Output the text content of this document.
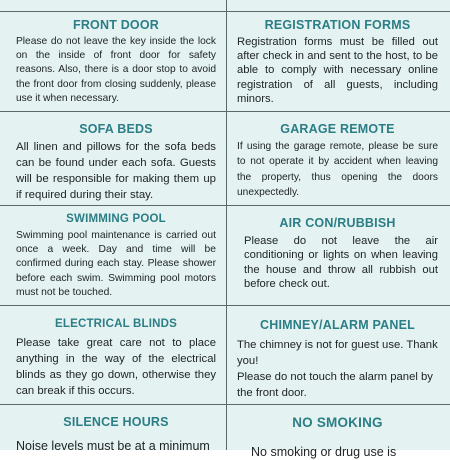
FRONT DOOR
Please do not leave the key inside the lock on the inside of front door for safety reasons. Also, there is a door stop to avoid the front door from closing suddenly, please use it when necessary.
REGISTRATION FORMS
Registration forms must be filled out after check in and sent to the host, to be able to comply with necessary online registration of all guests, including minors.
SOFA BEDS
All linen and pillows for the sofa beds can be found under each sofa. Guests will be responsible for making them up if required during their stay.
GARAGE REMOTE
If using the garage remote, please be sure to not operate it by accident when leaving the property, thus opening the doors unexpectedly.
SWIMMING POOL
Swimming pool maintenance is carried out once a week. Day and time will be confirmed during each stay. Please shower before each swim. Swimming pool motors must not be touched.
AIR CON/RUBBISH
Please do not leave the air conditioning or lights on when leaving the house and throw all rubbish out before check out.
ELECTRICAL BLINDS
Please take great care not to place anything in the way of the electrical blinds as they go down, otherwise they can break if this occurs.
CHIMNEY/ALARM PANEL

The chimney is not for guest use. Thank you!

Please do not touch the alarm panel by the front door.

SILENCE HOURS
Noise levels must be at a minimum
NO SMOKING
No smoking or drug use is
